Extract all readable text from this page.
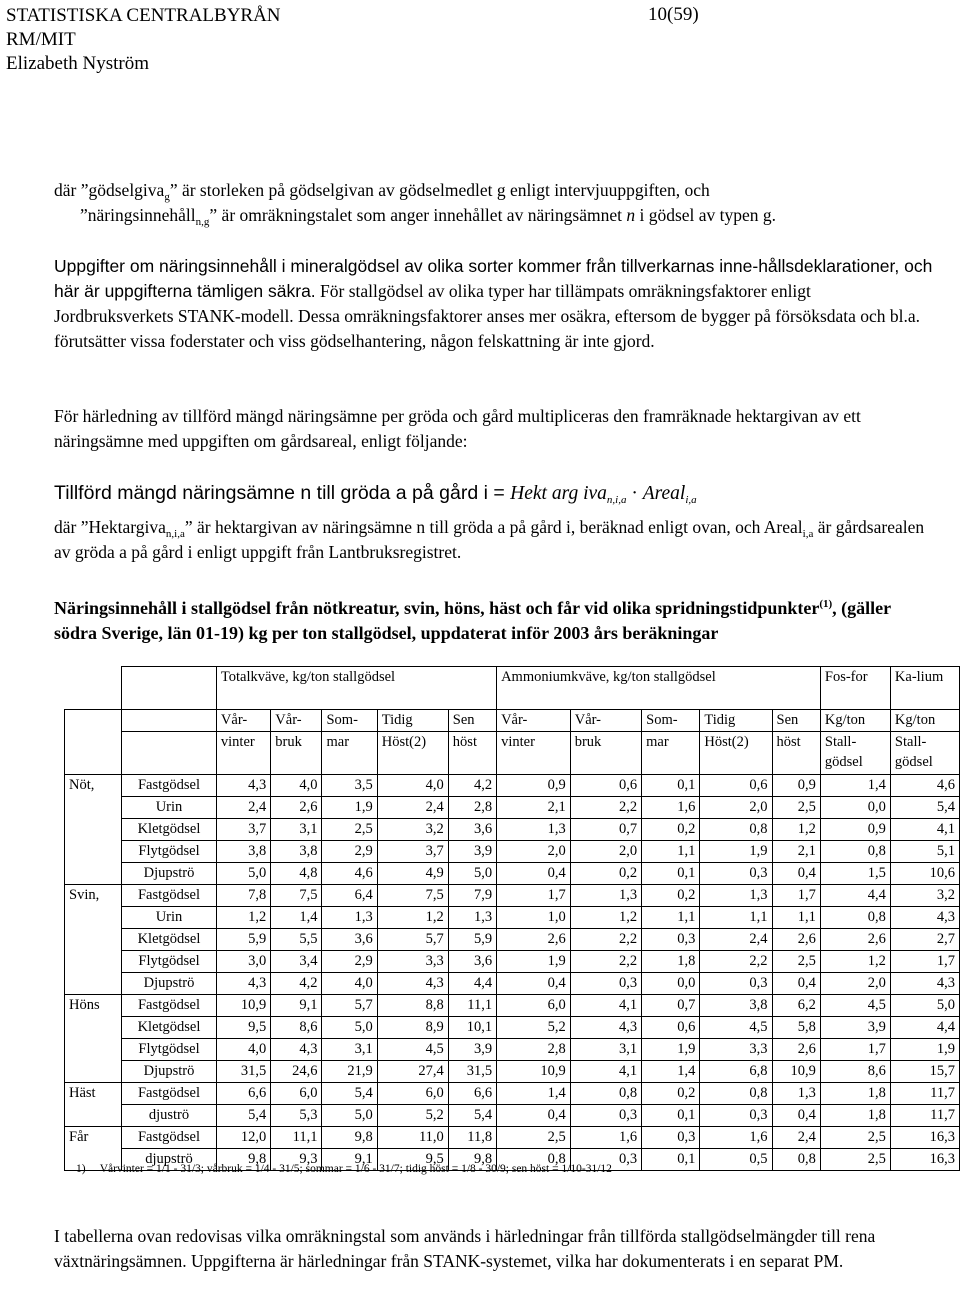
STATISTISKA CENTRALBYRÅN
RM/MIT
Elizabeth Nyström
10(59)
där ”gödselgiva$_g$” är storleken på gödselgivan av gödselmedlet g enligt intervjuuppgiften, och
”näringsinnehåll$_{n,g}$” är omräkningstalet som anger innehållet av näringsämnet n i gödsel av typen g.
Uppgifter om näringsinnehåll i mineralgödsel av olika sorter kommer från tillverkarnas inne-hållsdeklarationer, och här är uppgifterna tämligen säkra. För stallgödsel av olika typer har tillämpats omräkningsfaktorer enligt Jordbruksverkets STANK-modell. Dessa omräkningsfaktorer anses mer osäkra, eftersom de bygger på försöksdata och bl.a. förutsätter vissa foderstater och viss gödselhantering, någon felskattning är inte gjord.
För härledning av tillförd mängd näringsämne per gröda och gård multipliceras den framräknade hektargivan av ett näringsämne med uppgiften om gårdsareal, enligt följande:
Tillförd mängd näringsämne n till gröda a på gård i = Hekt arg iva$_{n,i,a}$ · Areal$_{i,a}$
där ”Hektargiva$_{n,i,a}$” är hektargivan av näringsämne n till gröda a på gård i, beräknad enligt ovan, och Areal$_{i,a}$ är gårdsarealen av gröda a på gård i enligt uppgift från Lantbruksregistret.
Näringsinnehåll i stallgödsel från nötkreatur, svin, höns, häst och får vid olika spridningstidpunkter$^{(1)}$, (gäller södra Sverige, län 01-19) kg per ton stallgödsel, uppdaterat inför 2003 års beräkningar
		Totalkväve, kg/ton stallgödsel					Ammoniumkväve, kg/ton stallgödsel					Fos-for	Ka-lium
		Vår-	Vår-	Som-	Tidig	Sen	Vår-	Vår-	Som-	Tidig	Sen	Kg/ton	Kg/ton
		vinter	bruk	mar	Höst(2)	höst	vinter	bruk	mar	Höst(2)	höst	Stall-gödsel	Stall-gödsel
Nöt,	Fastgödsel	4,3	4,0	3,5	4,0	4,2	0,9	0,6	0,1	0,6	0,9	1,4	4,6
	Urin	2,4	2,6	1,9	2,4	2,8	2,1	2,2	1,6	2,0	2,5	0,0	5,4
	Kletgödsel	3,7	3,1	2,5	3,2	3,6	1,3	0,7	0,2	0,8	1,2	0,9	4,1
	Flytgödsel	3,8	3,8	2,9	3,7	3,9	2,0	2,0	1,1	1,9	2,1	0,8	5,1
	Djupströ	5,0	4,8	4,6	4,9	5,0	0,4	0,2	0,1	0,3	0,4	1,5	10,6
Svin,	Fastgödsel	7,8	7,5	6,4	7,5	7,9	1,7	1,3	0,2	1,3	1,7	4,4	3,2
	Urin	1,2	1,4	1,3	1,2	1,3	1,0	1,2	1,1	1,1	1,1	0,8	4,3
	Kletgödsel	5,9	5,5	3,6	5,7	5,9	2,6	2,2	0,3	2,4	2,6	2,6	2,7
	Flytgödsel	3,0	3,4	2,9	3,3	3,6	1,9	2,2	1,8	2,2	2,5	1,2	1,7
	Djupströ	4,3	4,2	4,0	4,3	4,4	0,4	0,3	0,0	0,3	0,4	2,0	4,3
Höns	Fastgödsel	10,9	9,1	5,7	8,8	11,1	6,0	4,1	0,7	3,8	6,2	4,5	5,0
	Kletgödsel	9,5	8,6	5,0	8,9	10,1	5,2	4,3	0,6	4,5	5,8	3,9	4,4
	Flytgödsel	4,0	4,3	3,1	4,5	3,9	2,8	3,1	1,9	3,3	2,6	1,7	1,9
	Djupströ	31,5	24,6	21,9	27,4	31,5	10,9	4,1	1,4	6,8	10,9	8,6	15,7
Häst	Fastgödsel	6,6	6,0	5,4	6,0	6,6	1,4	0,8	0,2	0,8	1,3	1,8	11,7
	djuströ	5,4	5,3	5,0	5,2	5,4	0,4	0,3	0,1	0,3	0,4	1,8	11,7
Får	Fastgödsel	12,0	11,1	9,8	11,0	11,8	2,5	1,6	0,3	1,6	2,4	2,5	16,3
	djupströ	9,8	9,3	9,1	9,5	9,8	0,8	0,3	0,1	0,5	0,8	2,5	16,3
1)     Vårvinter = 1/1 - 31/3; vårbruk = 1/4 - 31/5; sommar = 1/6 - 31/7; tidig höst = 1/8 - 30/9; sen höst = 1/10-31/12
I tabellerna ovan redovisas vilka omräkningstal som används i härledningar från tillförda stallgödselmängder till rena växtnäringsämnen. Uppgifterna är härledningar från STANK-systemet, vilka har dokumenterats i en separat PM.
